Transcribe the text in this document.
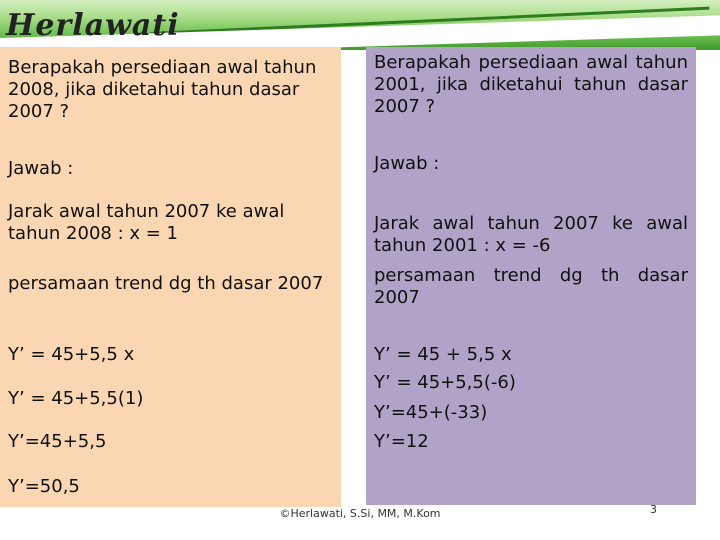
Herlawati

Berapakah persediaan awal tahun 2008, jika diketahui tahun dasar 2007 ?

Jawab :

Jarak awal tahun 2007 ke awal tahun 2008 : x = 1

persamaan trend dg th dasar 2007

Y’ = 45+5,5 x

Y’ = 45+5,5(1)

Y’=45+5,5

Y’=50,5

Berapakah persediaan awal tahun 2001, jika diketahui tahun dasar 2007 ?

Jawab :

Jarak awal tahun 2007 ke awal tahun 2001 : x = -6

persamaan trend dg th dasar 2007

Y’ = 45 + 5,5 x

Y’ = 45+5,5(-6)

Y’=45+(-33)

Y’=12

©Herlawati, S.Si, MM, M.Kom	3
